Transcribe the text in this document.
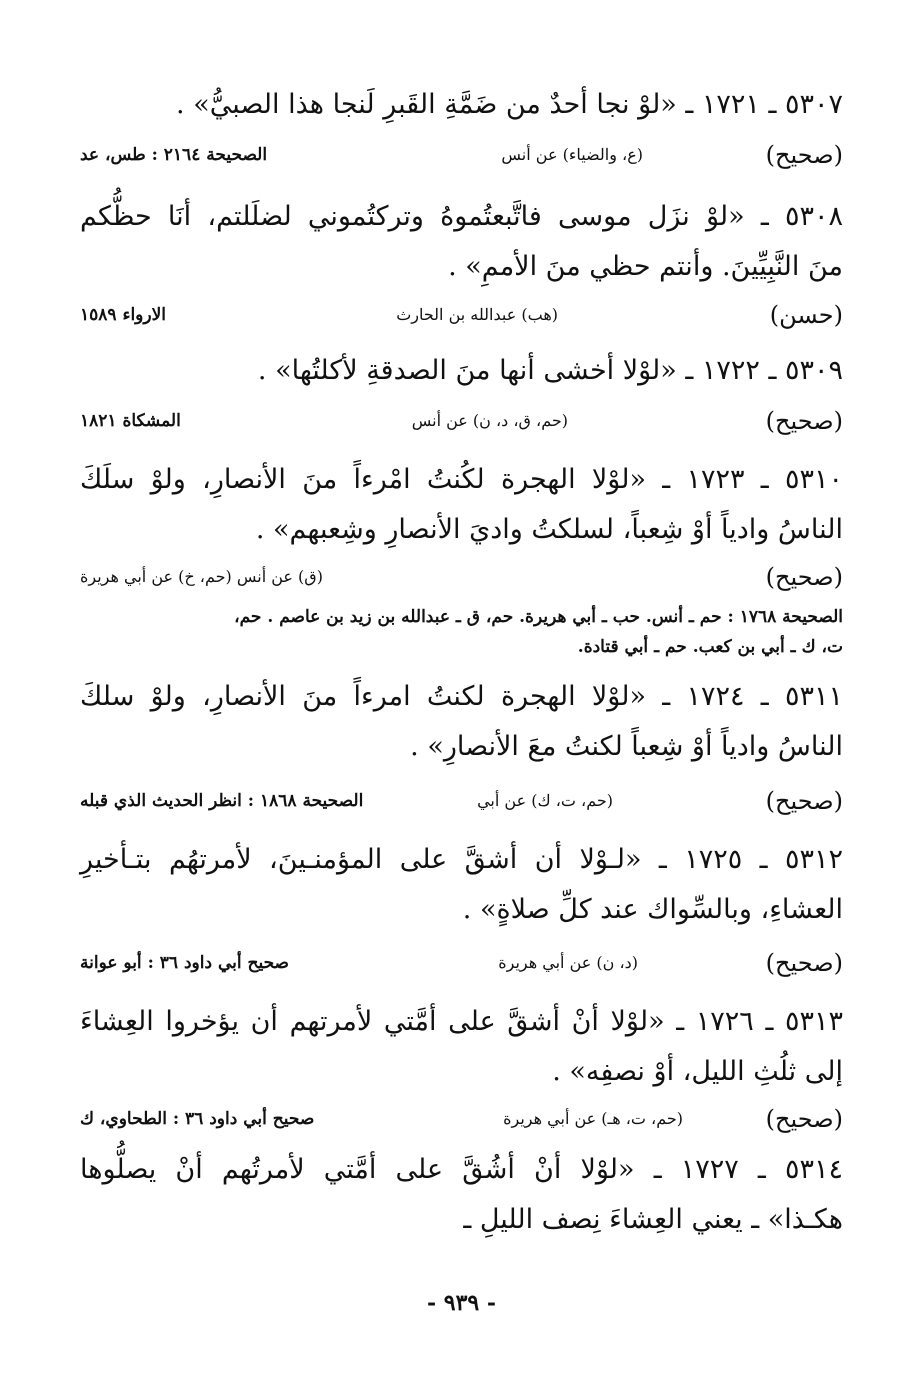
٥٣٠٧ ـ ١٧٢١ ـ «لوْ نجا أحدٌ من ضَمَّةِ القَبرِ لَنجا هذا الصبيُّ» .
(صحيح)
(ع، والضياء) عن أنس
الصحيحة ٢١٦٤ : طس، عد
٥٣٠٨ ـ «لوْ نزَل موسى فاتَّبعتُموهُ وتركتُموني لضلَلتم، أنَا حظُّكم
منَ النَّبِيِّينَ. وأنتم حظي منَ الأممِ» .
(حسن)
(هب) عبدالله بن الحارث
الارواء ١٥٨٩
٥٣٠٩ ـ ١٧٢٢ ـ «لوْلا أخشى أنها منَ الصدقةِ لأكلتُها» .
(صحيح)
(حم، ق، د، ن) عن أنس
المشكاة ١٨٢١
٥٣١٠ ـ ١٧٢٣ ـ «لوْلا الهجرة لكُنتُ امْرءاً منَ الأنصارِ، ولوْ سلَكَ
الناسُ وادياً أوْ شِعباً، لسلكتُ واديَ الأنصارِ وشِعبهم» .
(صحيح)
(ق) عن أنس (حم، خ) عن أبي هريرة
الصحيحة ١٧٦٨ : حم ـ أنس. حب ـ أبي هريرة. حم، ق ـ عبدالله بن زيد بن عاصم . حم،
ت، ك ـ أبي بن كعب. حم ـ أبي قتادة.
٥٣١١ ـ ١٧٢٤ ـ «لوْلا الهجرة لكنتُ امرءاً منَ الأنصارِ، ولوْ سلكَ
الناسُ وادياً أوْ شِعباً لكنتُ معَ الأنصارِ» .
(صحيح)
(حم، ت، ك) عن أبي
الصحيحة ١٨٦٨ : انظر الحديث الذي قبله
٥٣١٢ ـ ١٧٢٥ ـ «لـوْلا أن أشقَّ على المؤمنـينَ، لأمرتهُم بتـأخيرِ
العشاءِ، وبالسِّواك عند كلِّ صلاةٍ» .
(صحيح)
(د، ن) عن أبي هريرة
صحيح أبي داود ٣٦ : أبو عوانة
٥٣١٣ ـ ١٧٢٦ ـ «لوْلا أنْ أشقَّ على أمَّتي لأمرتهم أن يؤخروا العِشاءَ
إلى ثلُثِ الليل، أوْ نصفِه» .
(صحيح)
(حم، ت، هـ) عن أبي هريرة
صحيح أبي داود ٣٦ : الطحاوي، ك
٥٣١٤ ـ ١٧٢٧ ـ «لوْلا أنْ أشُقَّ على أمَّتي لأمرتُهم أنْ يصلُّوها
هكـذا» ـ يعني العِشاءَ نِصف الليلِ ـ
- ٩٣٩ -
